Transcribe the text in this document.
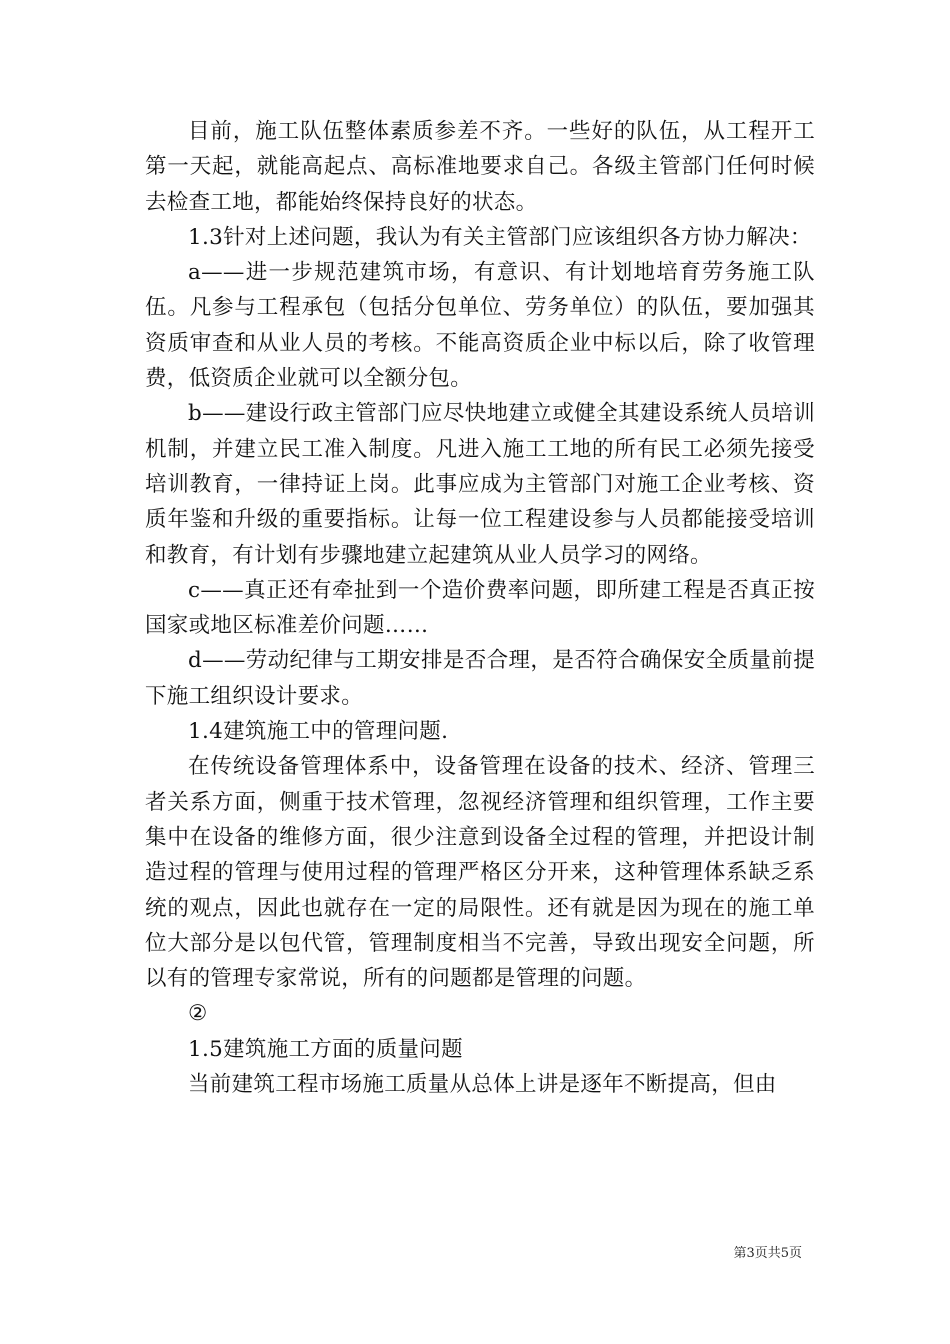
目前，施工队伍整体素质参差不齐。一些好的队伍，从工程开工第一天起，就能高起点、高标准地要求自己。各级主管部门任何时候去检查工地，都能始终保持良好的状态。

1.3针对上述问题，我认为有关主管部门应该组织各方协力解决：

a——进一步规范建筑市场，有意识、有计划地培育劳务施工队伍。凡参与工程承包（包括分包单位、劳务单位）的队伍，要加强其资质审查和从业人员的考核。不能高资质企业中标以后，除了收管理费，低资质企业就可以全额分包。

b——建设行政主管部门应尽快地建立或健全其建设系统人员培训机制，并建立民工准入制度。凡进入施工工地的所有民工必须先接受培训教育，一律持证上岗。此事应成为主管部门对施工企业考核、资质年鉴和升级的重要指标。让每一位工程建设参与人员都能接受培训和教育，有计划有步骤地建立起建筑从业人员学习的网络。

c——真正还有牵扯到一个造价费率问题，即所建工程是否真正按国家或地区标准差价问题……

d——劳动纪律与工期安排是否合理，是否符合确保安全质量前提下施工组织设计要求。

1.4建筑施工中的管理问题.

在传统设备管理体系中，设备管理在设备的技术、经济、管理三者关系方面，侧重于技术管理，忽视经济管理和组织管理，工作主要集中在设备的维修方面，很少注意到设备全过程的管理，并把设计制造过程的管理与使用过程的管理严格区分开来，这种管理体系缺乏系统的观点，因此也就存在一定的局限性。还有就是因为现在的施工单位大部分是以包代管，管理制度相当不完善，导致出现安全问题，所以有的管理专家常说，所有的问题都是管理的问题。

②

1.5建筑施工方面的质量问题

当前建筑工程市场施工质量从总体上讲是逐年不断提高，但由

第3页共5页
